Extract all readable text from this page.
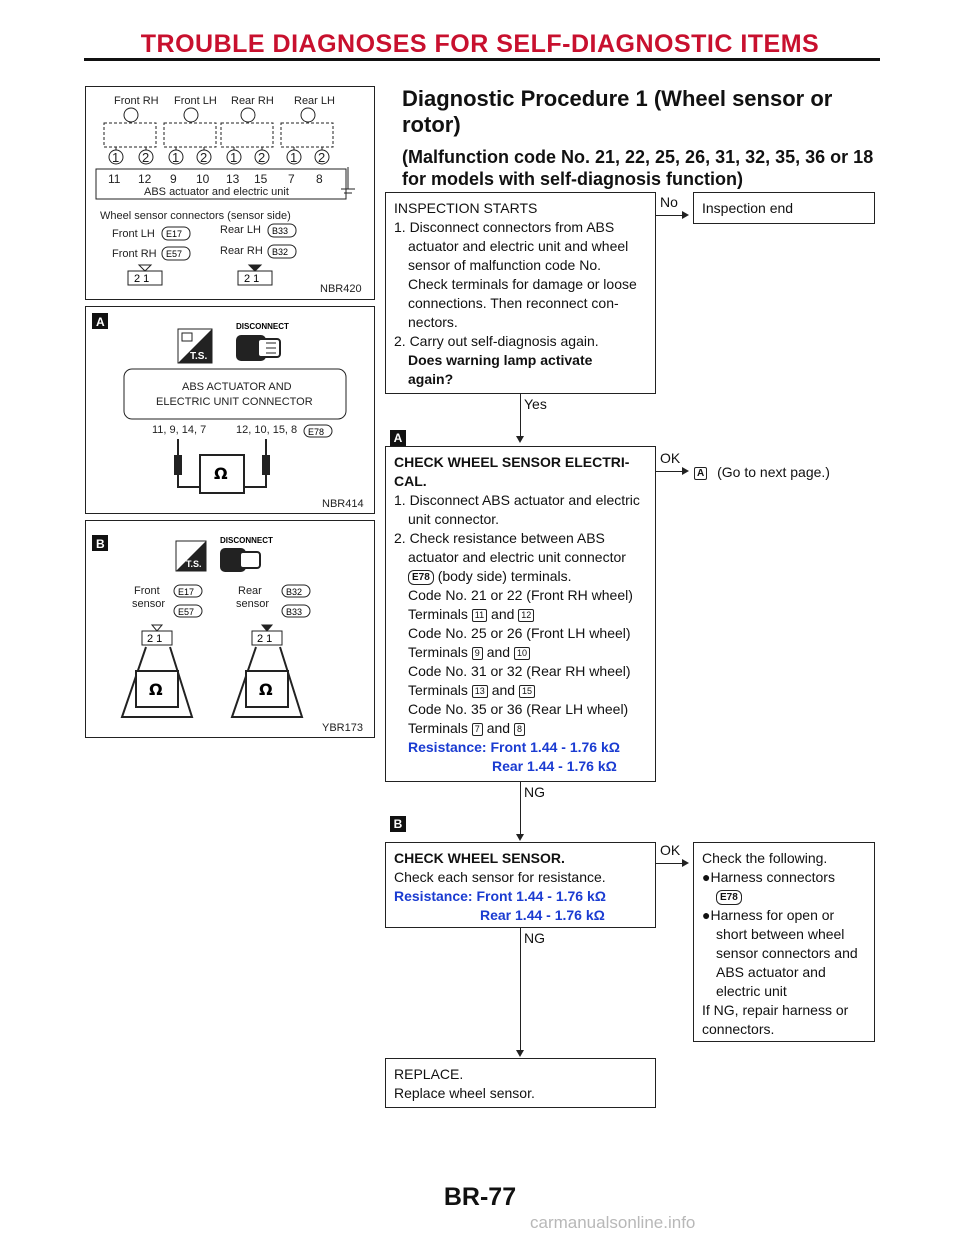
TROUBLE DIAGNOSES FOR SELF-DIAGNOSTIC ITEMS
Front RH Front LH Rear RH Rear LH
1 2 1 2 1 2 1 2
11 12 9 10 13 15 7 8
ABS actuator and electric unit
Wheel sensor connectors (sensor side)
Front LH E17
Front RH E57
Rear LH B33
Rear RH B32
2 1	2 1
NBR420
A
T.S.
DISCONNECT
ABS ACTUATOR AND
ELECTRIC UNIT CONNECTOR
11, 9, 14, 7	12, 10, 15, 8 E78
Ω
NBR414
B
T.S.
DISCONNECT
Front
sensor
E17
E57
Rear
sensor
B32
B33
2 1	2 1
Ω	Ω
YBR173
Diagnostic Procedure 1 (Wheel sensor or rotor)
(Malfunction code No. 21, 22, 25, 26, 31, 32, 35, 36 or 18 for models with self-diagnosis function)

INSPECTION STARTS

1. Disconnect connectors from ABS

actuator and electric unit and wheel

sensor of malfunction code No.

Check terminals for damage or loose

connections. Then reconnect con-

nectors.

2. Carry out self-diagnosis again.

Does warning lamp activate

again?

No Inspection end

Yes
A

CHECK WHEEL SENSOR ELECTRI-

CAL.

1. Disconnect ABS actuator and electric

unit connector.

2. Check resistance between ABS

actuator and electric unit connector

E78 (body side) terminals.

Code No. 21 or 22 (Front RH wheel)

Terminals 11 and 12

Code No. 25 or 26 (Front LH wheel)

Terminals 9 and 10

Code No. 31 or 32 (Rear RH wheel)

Terminals 13 and 15

Code No. 35 or 36 (Rear LH wheel)

Terminals 7 and 8

Resistance: Front 1.44 - 1.76 kΩ

Rear 1.44 - 1.76 kΩ

OK
A (Go to next page.)
NG
B

CHECK WHEEL SENSOR.

Check each sensor for resistance.

Resistance: Front 1.44 - 1.76 kΩ

Rear 1.44 - 1.76 kΩ

OK Check the following.

●Harness connectors

E78

●Harness for open or

short between wheel

sensor connectors and

ABS actuator and

electric unit

If NG, repair harness or

connectors.

NG

REPLACE.

Replace wheel sensor.

BR-77
carmanualsonline.info
